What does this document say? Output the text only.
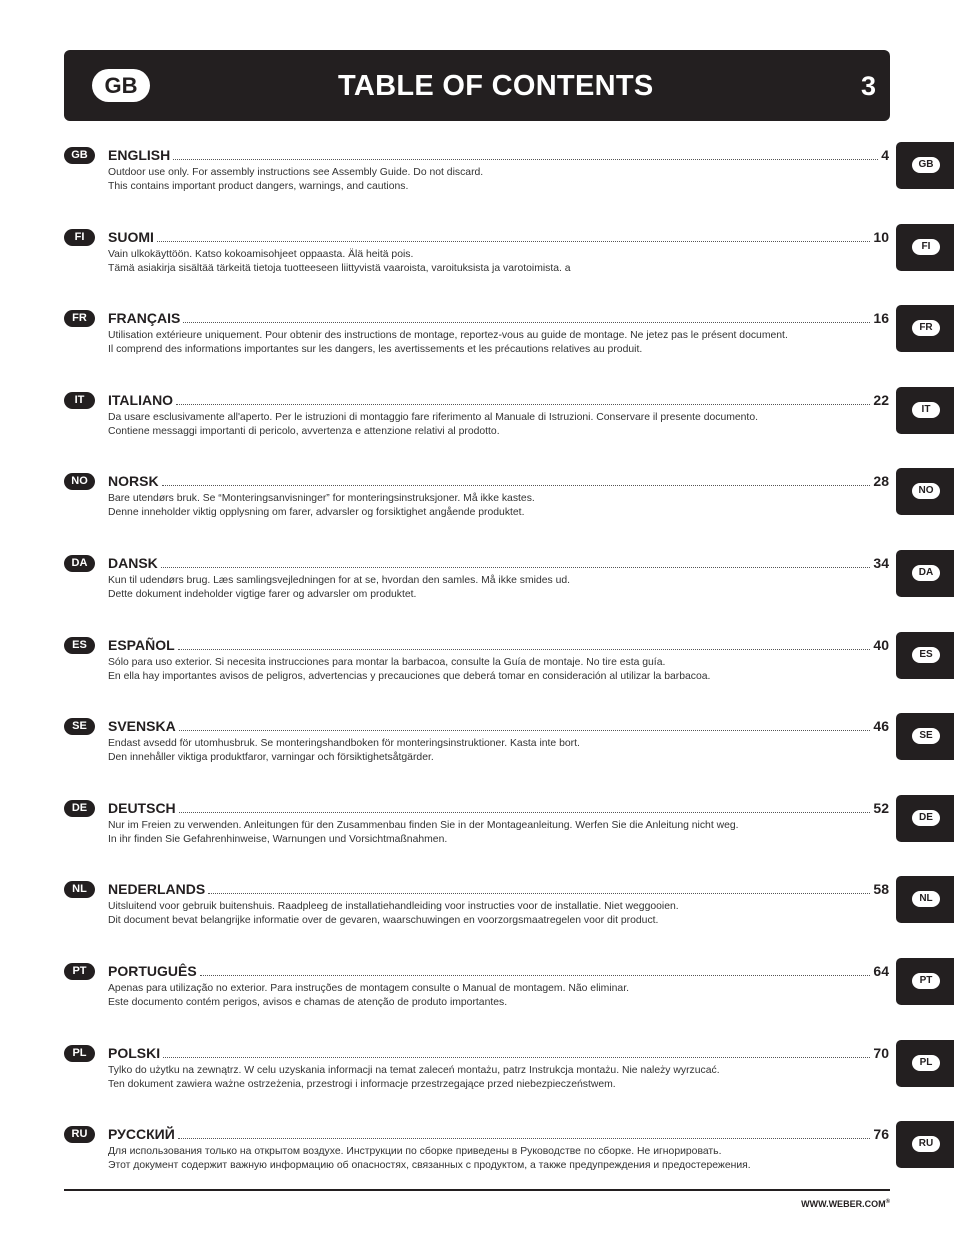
GB	TABLE OF CONTENTS	3
GB	ENGLISH	4
Outdoor use only. For assembly instructions see Assembly Guide. Do not discard.
This contains important product dangers, warnings, and cautions.
FI	SUOMI	10
Vain ulkokäyttöön. Katso kokoamisohjeet oppaasta. Älä heitä pois.
Tämä asiakirja sisältää tärkeitä tietoja tuotteeseen liittyvistä vaaroista, varoituksista ja varotoimista. a
FR	FRANÇAIS	16
Utilisation extérieure uniquement. Pour obtenir des instructions de montage, reportez-vous au guide de montage. Ne jetez pas le présent document.
Il comprend des informations importantes sur les dangers, les avertissements et les précautions relatives au produit.
IT	ITALIANO	22
Da usare esclusivamente all'aperto. Per le istruzioni di montaggio fare riferimento al Manuale di Istruzioni. Conservare il presente documento.
Contiene messaggi importanti di pericolo, avvertenza e attenzione relativi al prodotto.
NO	NORSK	28
Bare utendørs bruk. Se “Monteringsanvisninger” for monteringsinstruksjoner. Må ikke kastes.
Denne inneholder viktig opplysning om farer, advarsler og forsiktighet angående produktet.
DA	DANSK	34
Kun til udendørs brug. Læs samlingsvejledningen for at se, hvordan den samles. Må ikke smides ud.
Dette dokument indeholder vigtige farer og advarsler om produktet.
ES	ESPAÑOL	40
Sólo para uso exterior. Si necesita instrucciones para montar la barbacoa, consulte la Guía de montaje. No tire esta guía.
En ella hay importantes avisos de peligros, advertencias y precauciones que deberá tomar en consideración al utilizar la barbacoa.
SE	SVENSKA	46
Endast avsedd för utomhusbruk. Se monteringshandboken för monteringsinstruktioner. Kasta inte bort.
Den innehåller viktiga produktfaror, varningar och försiktighetsåtgärder.
DE	DEUTSCH	52
Nur im Freien zu verwenden. Anleitungen für den Zusammenbau finden Sie in der Montageanleitung. Werfen Sie die Anleitung nicht weg.
In ihr finden Sie Gefahrenhinweise, Warnungen und Vorsichtmaßnahmen.
NL	NEDERLANDS	58
Uitsluitend voor gebruik buitenshuis. Raadpleeg de installatiehandleiding voor instructies voor de installatie. Niet weggooien.
Dit document bevat belangrijke informatie over de gevaren, waarschuwingen en voorzorgsmaatregelen voor dit product.
PT	PORTUGUÊS	64
Apenas para utilização no exterior. Para instruções de montagem consulte o Manual de montagem. Não eliminar.
Este documento contém perigos, avisos e chamas de atenção de produto importantes.
PL	POLSKI	70
Tylko do użytku na zewnątrz. W celu uzyskania informacji na temat zaleceń montażu, patrz Instrukcja montażu. Nie należy wyrzucać.
Ten dokument zawiera ważne ostrzeżenia, przestrogi i informacje przestrzegające przed niebezpieczeństwem.
RU	РУССКИЙ	76
Для использования только на открытом воздухе. Инструкции по сборке приведены в Руководстве по сборке. Не игнорировать.
Этот документ содержит важную информацию об опасностях, связанных с продуктом, а также предупреждения и предостережения.
GB
FI
FR
IT
NO
DA
ES
SE
DE
NL
PT
PL
RU
WWW.WEBER.COM®
